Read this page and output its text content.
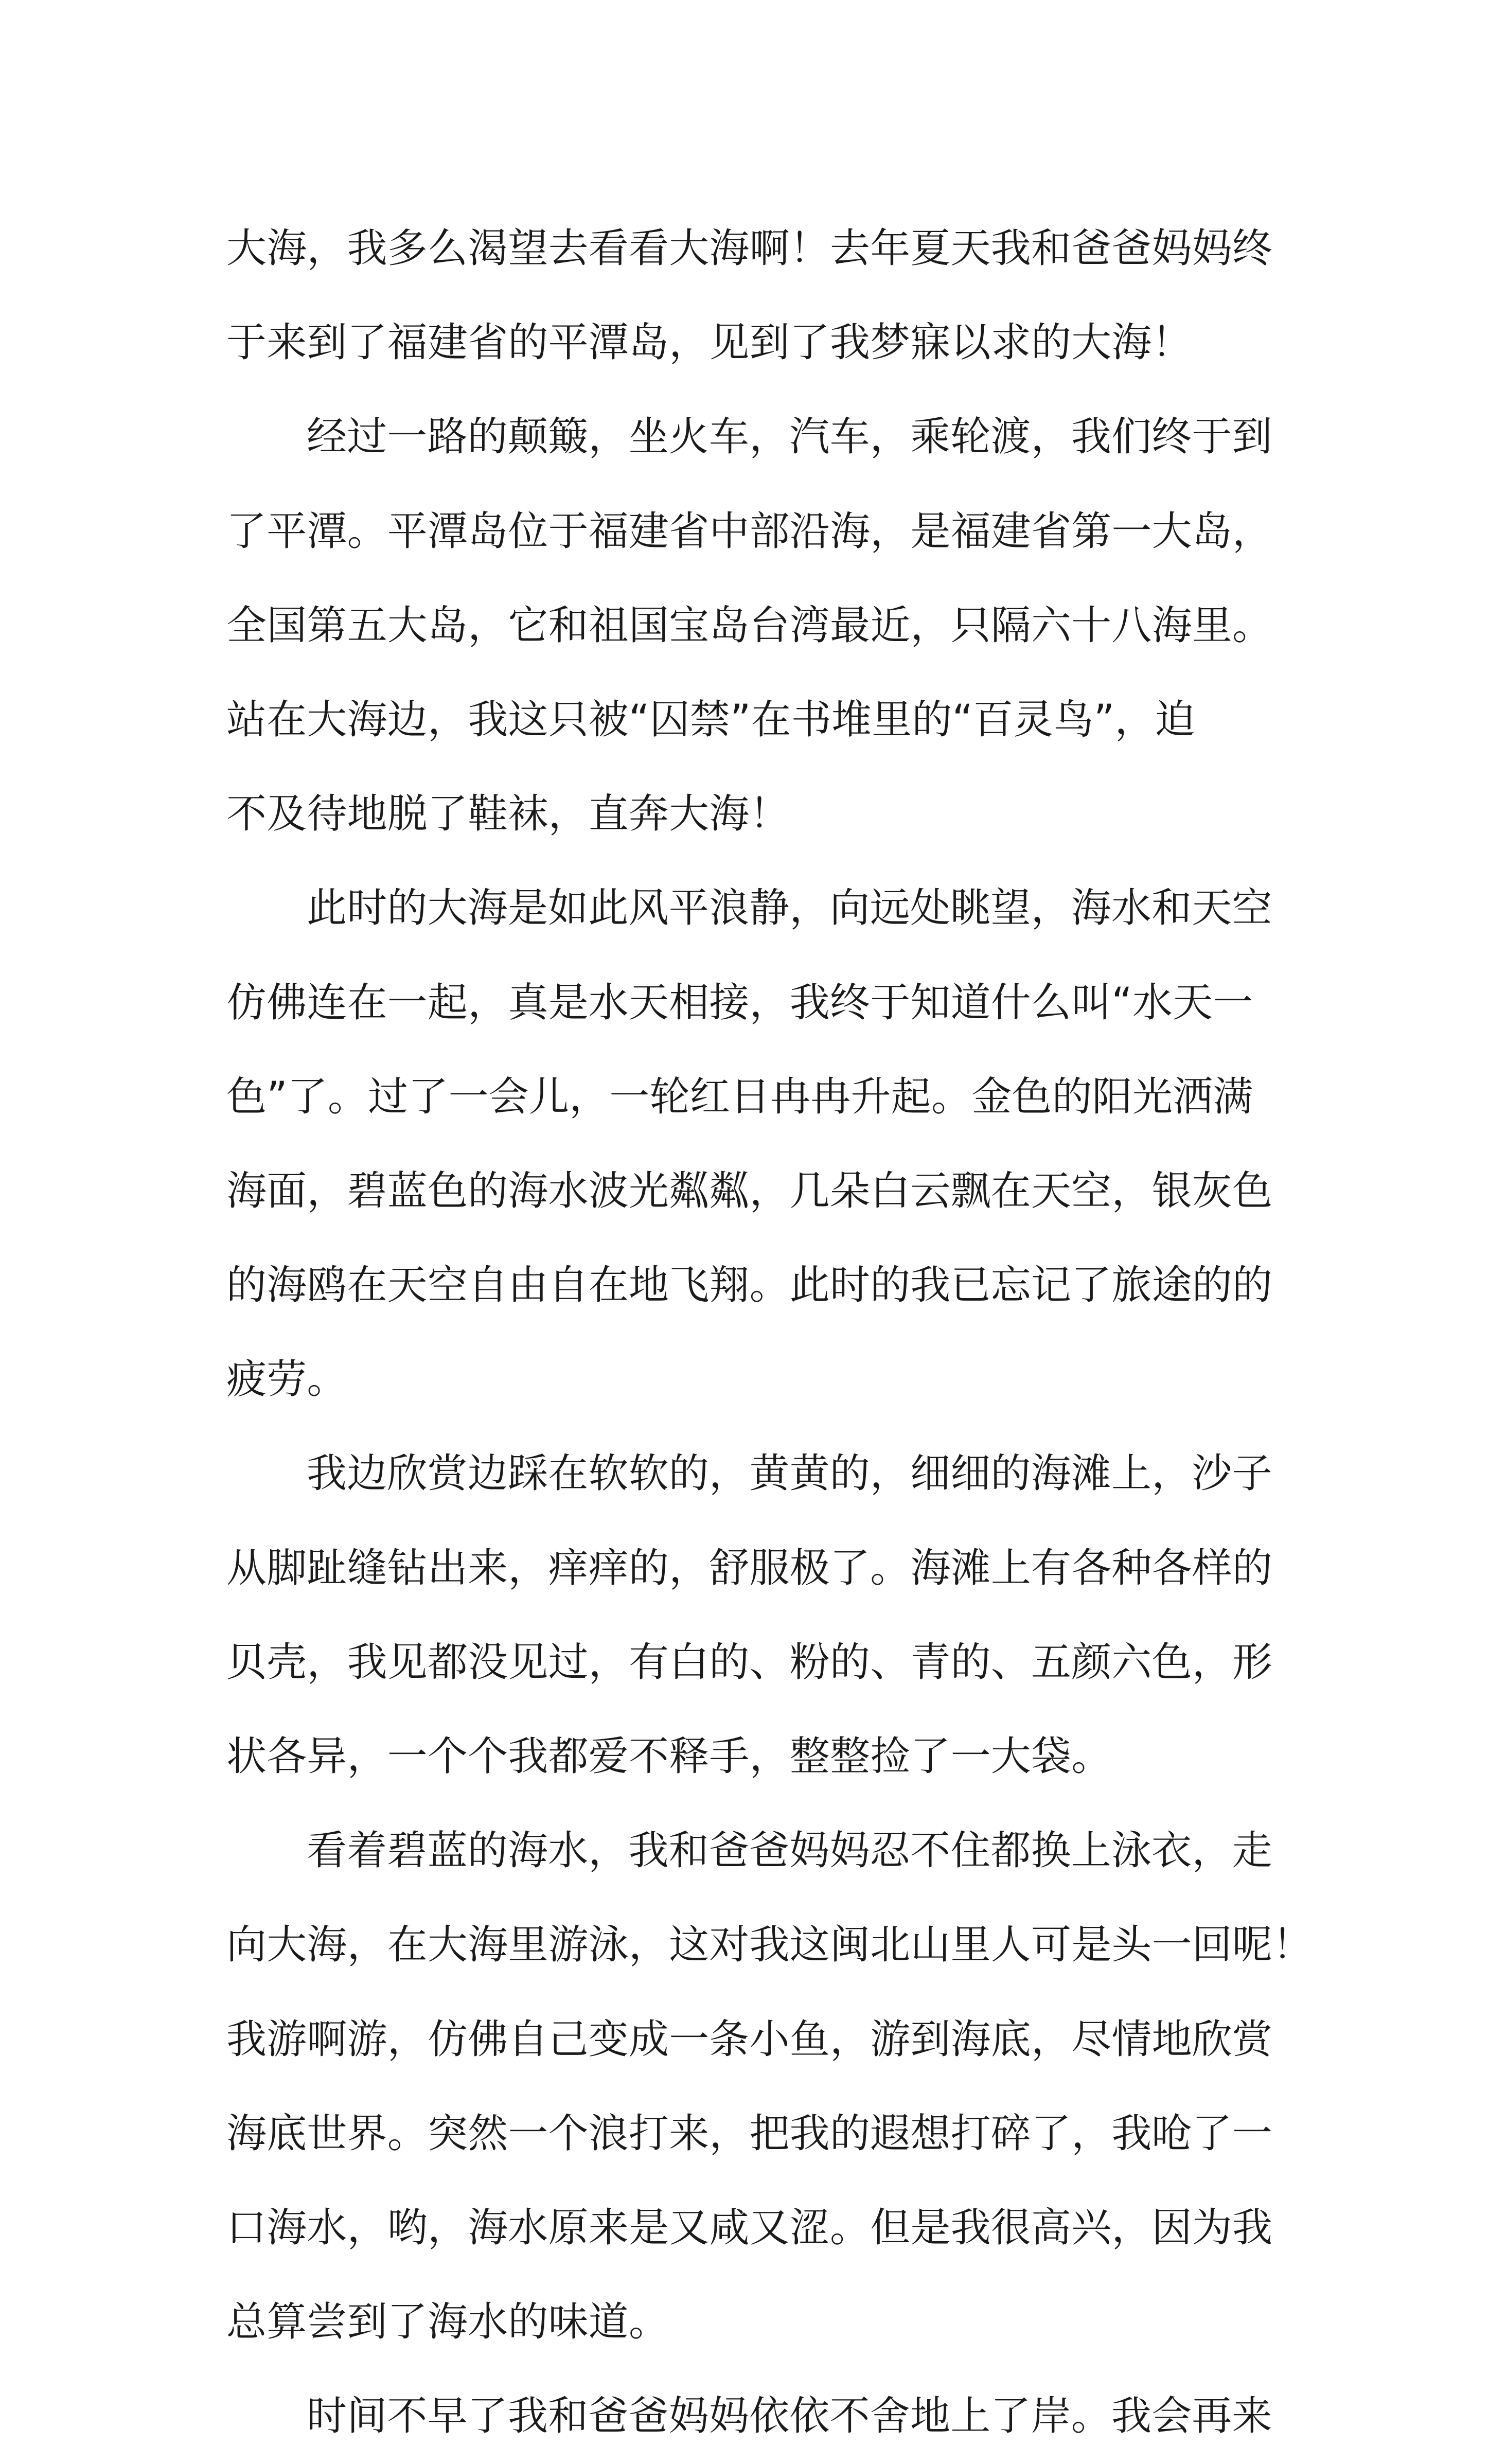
大海，我多么渴望去看看大海啊！去年夏天我和爸爸妈妈终
于来到了福建省的平潭岛，见到了我梦寐以求的大海！
经过一路的颠簸，坐火车，汽车，乘轮渡，我们终于到
了平潭。平潭岛位于福建省中部沿海，是福建省第一大岛，
全国第五大岛，它和祖国宝岛台湾最近，只隔六十八海里。
站在大海边，我这只被“囚禁”在书堆里的“百灵鸟”，迫
不及待地脱了鞋袜，直奔大海！
此时的大海是如此风平浪静，向远处眺望，海水和天空
仿佛连在一起，真是水天相接，我终于知道什么叫“水天一
色”了。过了一会儿，一轮红日冉冉升起。金色的阳光洒满
海面，碧蓝色的海水波光粼粼，几朵白云飘在天空，银灰色
的海鸥在天空自由自在地飞翔。此时的我已忘记了旅途的的
疲劳。
我边欣赏边踩在软软的，黄黄的，细细的海滩上，沙子
从脚趾缝钻出来，痒痒的，舒服极了。海滩上有各种各样的
贝壳，我见都没见过，有白的、粉的、青的、五颜六色，形
状各异，一个个我都爱不释手，整整捡了一大袋。
看着碧蓝的海水，我和爸爸妈妈忍不住都换上泳衣，走
向大海，在大海里游泳，这对我这闽北山里人可是头一回呢！
我游啊游，仿佛自己变成一条小鱼，游到海底，尽情地欣赏
海底世界。突然一个浪打来，把我的遐想打碎了，我呛了一
口海水，哟，海水原来是又咸又涩。但是我很高兴，因为我
总算尝到了海水的味道。
时间不早了我和爸爸妈妈依依不舍地上了岸。我会再来
